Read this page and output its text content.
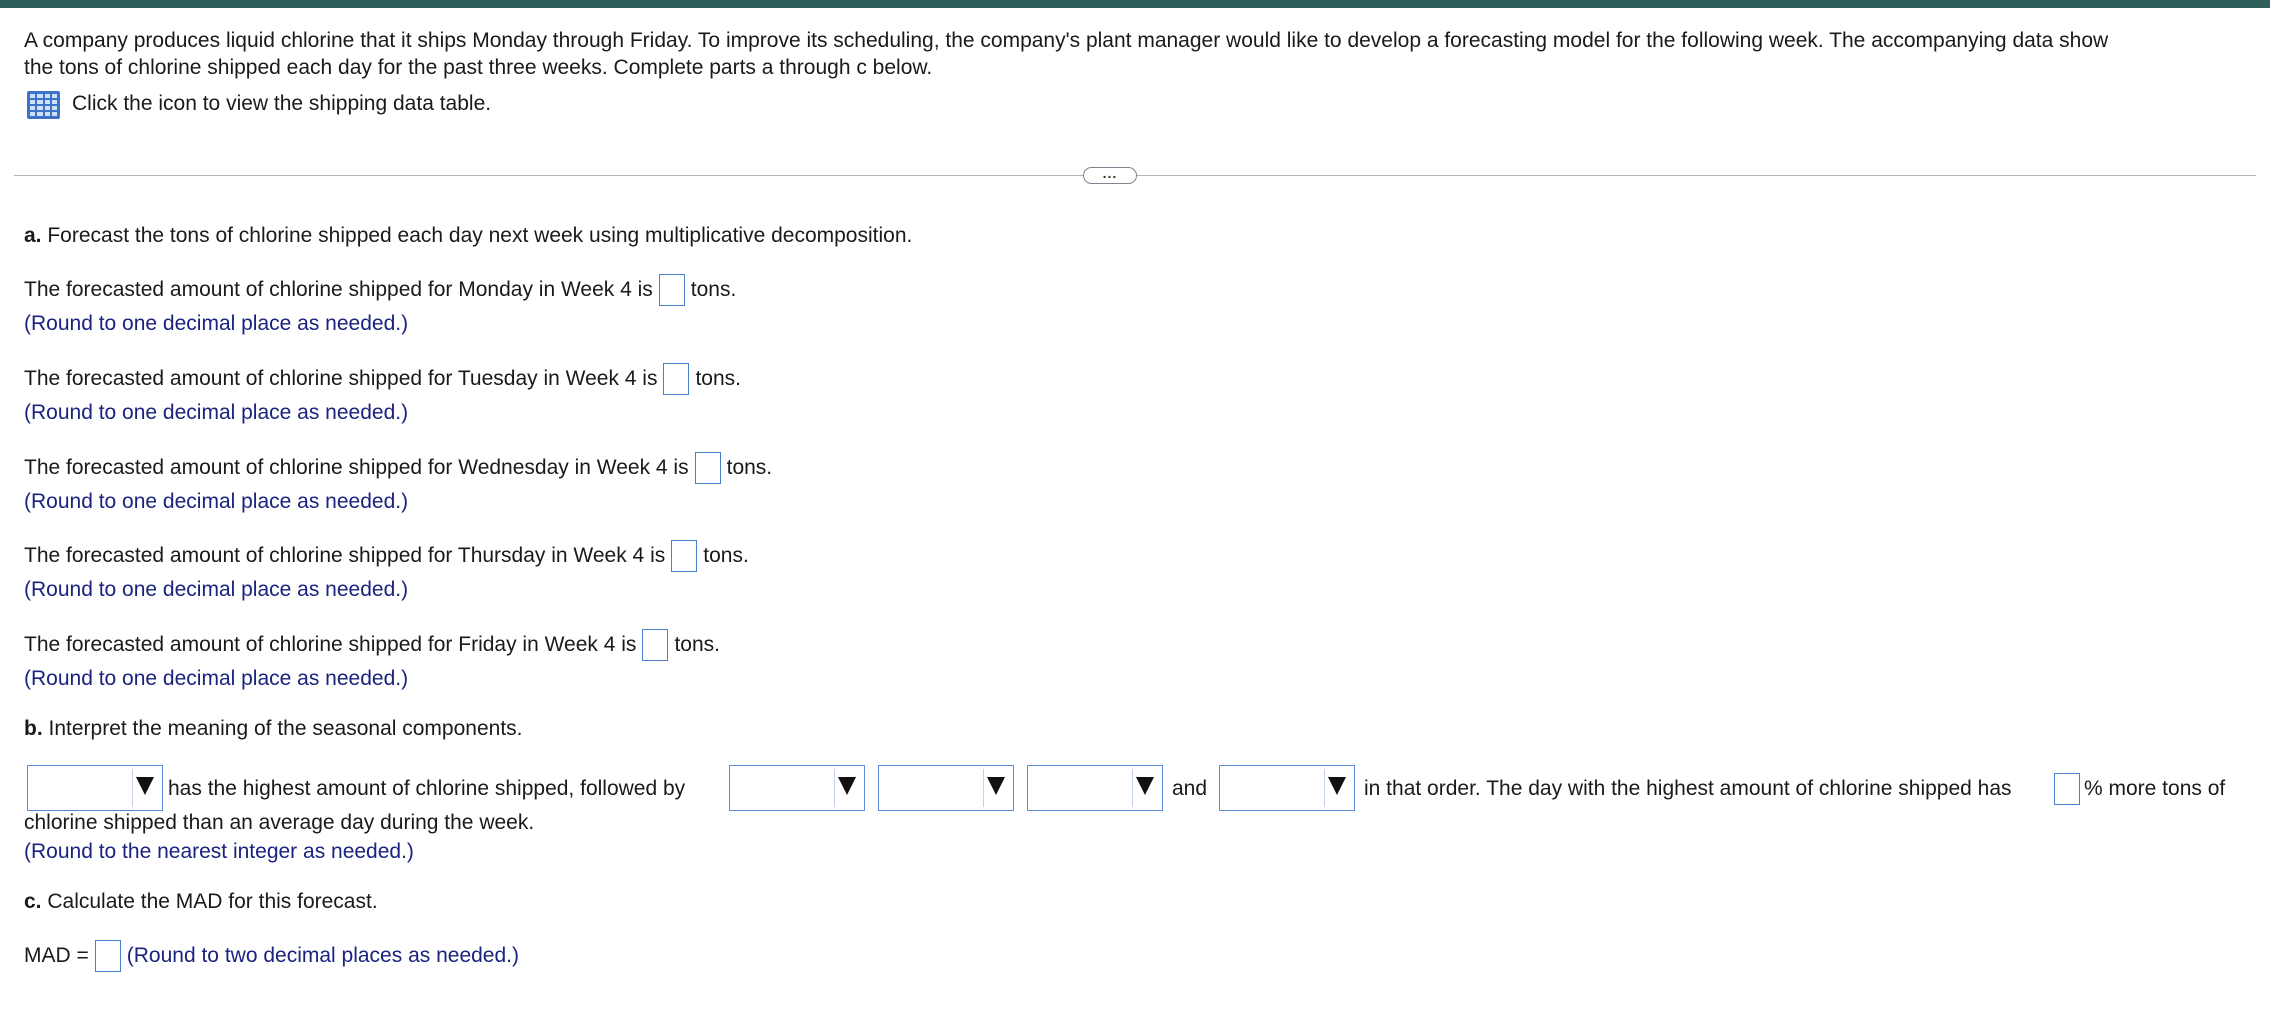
A company produces liquid chlorine that it ships Monday through Friday. To improve its scheduling, the company's plant manager would like to develop a forecasting model for the following week. The accompanying data show
the tons of chlorine shipped each day for the past three weeks. Complete parts a through c below.
Click the icon to view the shipping data table.
...
a. Forecast the tons of chlorine shipped each day next week using multiplicative decomposition.
The forecasted amount of chlorine shipped for Monday in Week 4 is tons.
(Round to one decimal place as needed.)
The forecasted amount of chlorine shipped for Tuesday in Week 4 is tons.
(Round to one decimal place as needed.)
The forecasted amount of chlorine shipped for Wednesday in Week 4 is tons.
(Round to one decimal place as needed.)
The forecasted amount of chlorine shipped for Thursday in Week 4 is tons.
(Round to one decimal place as needed.)
The forecasted amount of chlorine shipped for Friday in Week 4 is tons.
(Round to one decimal place as needed.)
b. Interpret the meaning of the seasonal components.
has the highest amount of chlorine shipped, followed by	and	in that order. The day with the highest amount of chlorine shipped has	% more tons of
chlorine shipped than an average day during the week.
(Round to the nearest integer as needed.)
c. Calculate the MAD for this forecast.
MAD = (Round to two decimal places as needed.)
